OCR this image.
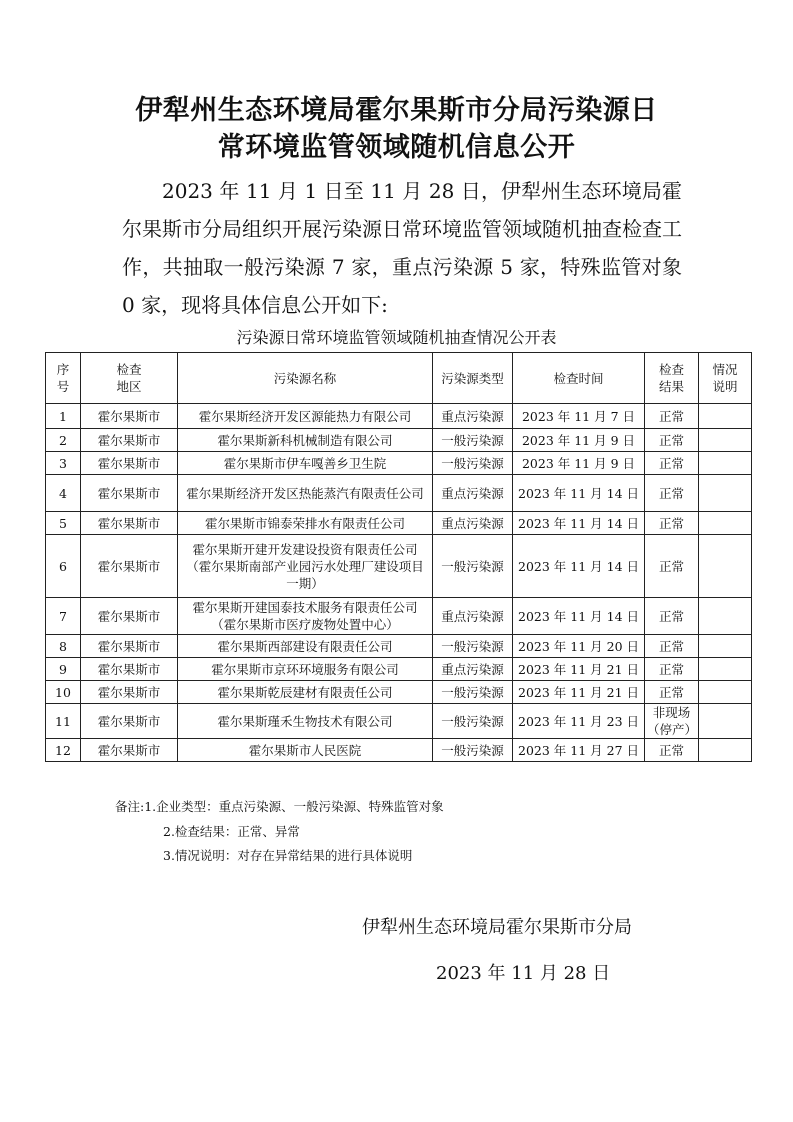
伊犁州生态环境局霍尔果斯市分局污染源日
常环境监管领域随机信息公开

2023 年 11 月 1 日至 11 月 28 日，伊犁州生态环境局霍尔果斯市分局组织开展污染源日常环境监管领域随机抽查检查工作，共抽取一般污染源 7 家，重点污染源 5 家，特殊监管对象 0 家，现将具体信息公开如下:

污染源日常环境监管领域随机抽查情况公开表
序号	检查地区	污染源名称	污染源类型	检查时间	检查结果	情况说明
1	霍尔果斯市	霍尔果斯经济开发区源能热力有限公司	重点污染源	2023 年 11 月 7 日	正常	
2	霍尔果斯市	霍尔果斯新科机械制造有限公司	一般污染源	2023 年 11 月 9 日	正常	
3	霍尔果斯市	霍尔果斯市伊车嘎善乡卫生院	一般污染源	2023 年 11 月 9 日	正常	
4	霍尔果斯市	霍尔果斯经济开发区热能蒸汽有限责任公司	重点污染源	2023 年 11 月 14 日	正常	
5	霍尔果斯市	霍尔果斯市锦泰荣排水有限责任公司	重点污染源	2023 年 11 月 14 日	正常	
6	霍尔果斯市	霍尔果斯开建开发建设投资有限责任公司（霍尔果斯南部产业园污水处理厂建设项目一期）	一般污染源	2023 年 11 月 14 日	正常	
7	霍尔果斯市	霍尔果斯开建国泰技术服务有限责任公司（霍尔果斯市医疗废物处置中心）	重点污染源	2023 年 11 月 14 日	正常	
8	霍尔果斯市	霍尔果斯西部建设有限责任公司	一般污染源	2023 年 11 月 20 日	正常	
9	霍尔果斯市	霍尔果斯市京环环境服务有限公司	重点污染源	2023 年 11 月 21 日	正常	
10	霍尔果斯市	霍尔果斯乾辰建材有限责任公司	一般污染源	2023 年 11 月 21 日	正常	
11	霍尔果斯市	霍尔果斯瑾禾生物技术有限公司	一般污染源	2023 年 11 月 23 日	非现场（停产）	
12	霍尔果斯市	霍尔果斯市人民医院	一般污染源	2023 年 11 月 27 日	正常	
备注:1.企业类型：重点污染源、一般污染源、特殊监管对象
2.检查结果：正常、异常
3.情况说明：对存在异常结果的进行具体说明
伊犁州生态环境局霍尔果斯市分局
2023 年 11 月 28 日
